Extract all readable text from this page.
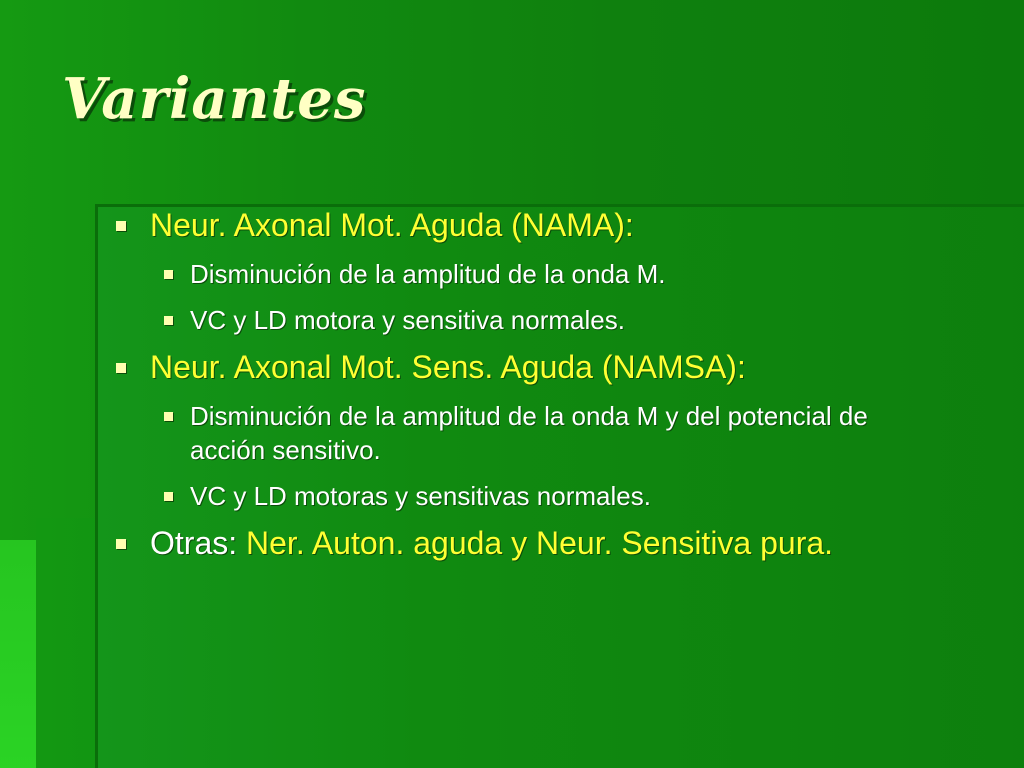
Variantes
Neur. Axonal Mot. Aguda (NAMA):
Disminución de la amplitud de la onda M.
VC y LD motora y sensitiva normales.
Neur. Axonal Mot. Sens. Aguda (NAMSA):
Disminución de la amplitud de la onda M y del potencial de acción sensitivo.
VC y LD motoras y sensitivas normales.
Otras: Ner. Auton. aguda y Neur. Sensitiva pura.
